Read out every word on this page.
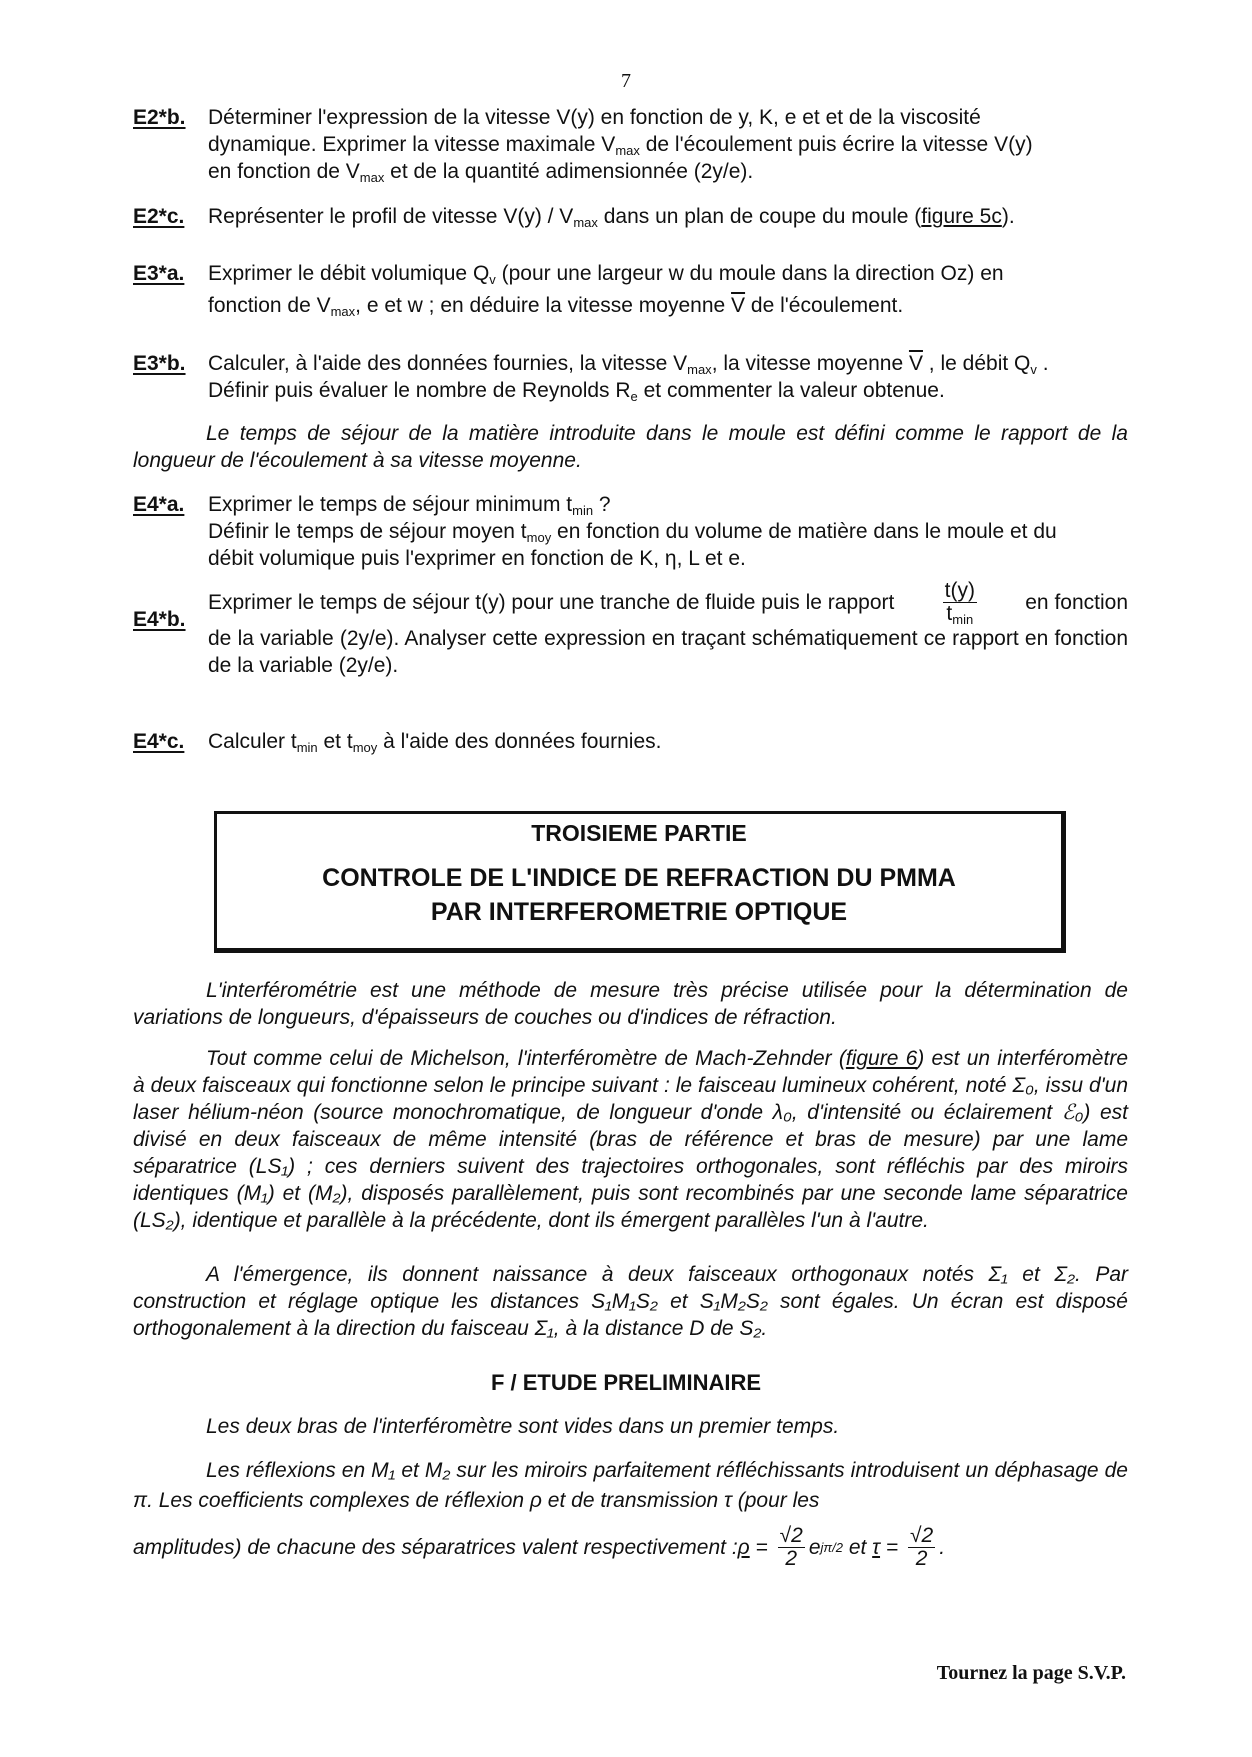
7
E2*b. Déterminer l'expression de la vitesse V(y) en fonction de y, K, e et et de la viscosité
dynamique. Exprimer la vitesse maximale $V_{max}$ de l'écoulement puis écrire la vitesse V(y)
en fonction de $V_{max}$ et de la quantité adimensionnée (2y/e).
E2*c. Représenter le profil de vitesse $V(y) / V_{max}$ dans un plan de coupe du moule (figure 5c).
E3*a. Exprimer le débit volumique $Q_v$ (pour une largeur w du moule dans la direction Oz) en
fonction de $V_{max}$, e et w ; en déduire la vitesse moyenne $\overline{V}$ de l'écoulement.
E3*b. Calculer, à l'aide des données fournies, la vitesse $V_{max}$, la vitesse moyenne $\overline{V}$ , le débit $Q_v$ .
Définir puis évaluer le nombre de Reynolds $R_e$ et commenter la valeur obtenue.
Le temps de séjour de la matière introduite dans le moule est défini comme le rapport de la longueur de l'écoulement à sa vitesse moyenne.
E4*a. Exprimer le temps de séjour minimum $t_{min}$ ?
Définir le temps de séjour moyen $t_{moy}$ en fonction du volume de matière dans le moule et du
débit volumique puis l'exprimer en fonction de K, η, L et e.
E4*b.
Exprimer le temps de séjour t(y) pour une tranche de fluide puis le rapport $\frac{t(y)}{t_{min}}$ en fonction
de la variable (2y/e). Analyser cette expression en traçant schématiquement ce rapport en fonction de la variable (2y/e).
E4*c. Calculer $t_{min}$ et $t_{moy}$ à l'aide des données fournies.
TROISIEME PARTIE
CONTROLE DE L'INDICE DE REFRACTION DU PMMA
PAR INTERFEROMETRIE OPTIQUE
L'interférométrie est une méthode de mesure très précise utilisée pour la détermination de variations de longueurs, d'épaisseurs de couches ou d'indices de réfraction.
Tout comme celui de Michelson, l'interféromètre de Mach-Zehnder (figure 6) est un interféromètre à deux faisceaux qui fonctionne selon le principe suivant : le faisceau lumineux cohérent, noté Σ₀, issu d'un laser hélium-néon (source monochromatique, de longueur d'onde λ₀, d'intensité ou éclairement ℰ₀) est divisé en deux faisceaux de même intensité (bras de référence et bras de mesure) par une lame séparatrice (LS₁) ; ces derniers suivent des trajectoires orthogonales, sont réfléchis par des miroirs identiques (M₁) et (M₂), disposés parallèlement, puis sont recombinés par une seconde lame séparatrice (LS₂), identique et parallèle à la précédente, dont ils émergent parallèles l'un à l'autre.
A l'émergence, ils donnent naissance à deux faisceaux orthogonaux notés Σ₁ et Σ₂. Par construction et réglage optique les distances S₁M₁S₂ et S₁M₂S₂ sont égales. Un écran est disposé orthogonalement à la direction du faisceau Σ₁, à la distance D de S₂.
F / ETUDE PRELIMINAIRE
Les deux bras de l'interféromètre sont vides dans un premier temps.
Les réflexions en M₁ et M₂ sur les miroirs parfaitement réfléchissants introduisent un déphasage de π. Les coefficients complexes de réflexion ρ et de transmission τ (pour les
amplitudes) de chacune des séparatrices valent respectivement : $\rho = \frac{√2}{2}$ e jπ/2 et $\tau = \frac{√2}{2}$ .
Tournez la page S.V.P.
